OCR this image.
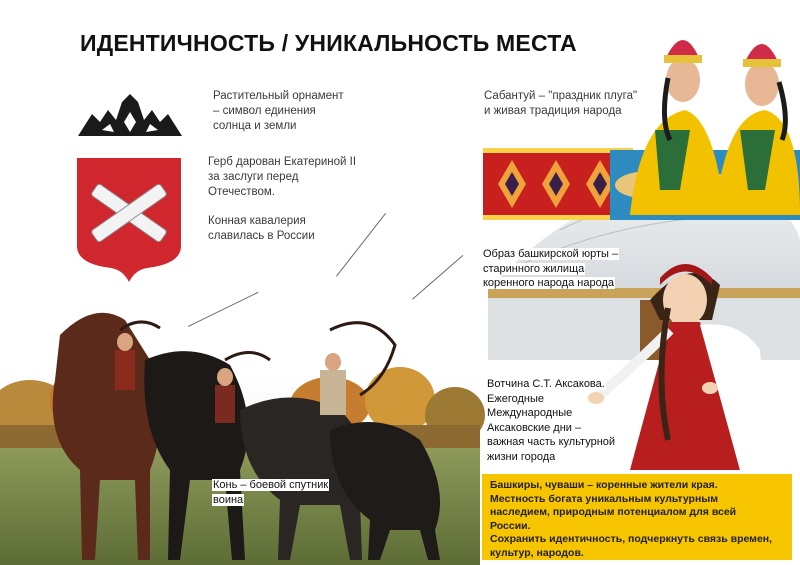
ИДЕНТИЧНОСТЬ / УНИКАЛЬНОСТЬ МЕСТА
Растительный орнамент
– символ единения
солнца и земли
Герб дарован Екатериной II
за заслуги перед
Отечеством.
Конная кавалерия
славилась в России
Сабантуй – "праздник плуга"
и живая традиция народа
Образ башкирской юрты –
старинного жилища
коренного народа народа
Вотчина С.Т. Аксакова.
Ежегодные
Международные
Аксаковские дни –
важная часть культурной
жизни города
Конь – боевой спутник
воина
Башкиры, чуваши – коренные жители края.
Местность богата уникальным культурным
наследием, природным потенциалом для всей
России.
Сохранить идентичность, подчеркнуть связь времен,
культур, народов.
